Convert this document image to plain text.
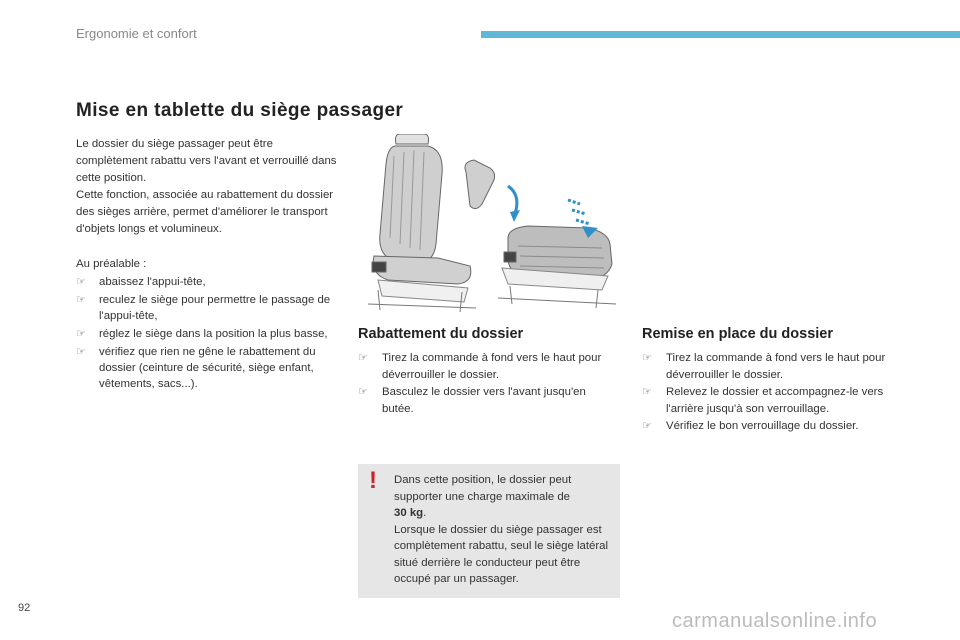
Ergonomie et confort
Mise en tablette du siège passager

Le dossier du siège passager peut être complètement rabattu vers l'avant et verrouillé dans cette position.

Cette fonction, associée au rabattement du dossier des sièges arrière, permet d'améliorer le transport d'objets longs et volumineux.

Au préalable :

☞ abaissez l'appui-tête,
☞ reculez le siège pour permettre le passage de l'appui-tête,
☞ réglez le siège dans la position la plus basse,
☞ vérifiez que rien ne gêne le rabattement du dossier (ceinture de sécurité, siège enfant, vêtements, sacs...).
Rabattement du dossier
☞ Tirez la commande à fond vers le haut pour déverrouiller le dossier.
☞ Basculez le dossier vers l'avant jusqu'en butée.
Remise en place du dossier
☞ Tirez la commande à fond vers le haut pour déverrouiller le dossier.
☞ Relevez le dossier et accompagnez-le vers l'arrière jusqu'à son verrouillage.
☞ Vérifiez le bon verrouillage du dossier.
! Dans cette position, le dossier peut supporter une charge maximale de
30 kg.

Lorsque le dossier du siège passager est complètement rabattu, seul le siège latéral situé derrière le conducteur peut être occupé par un passager.

92
carmanualsonline.info
